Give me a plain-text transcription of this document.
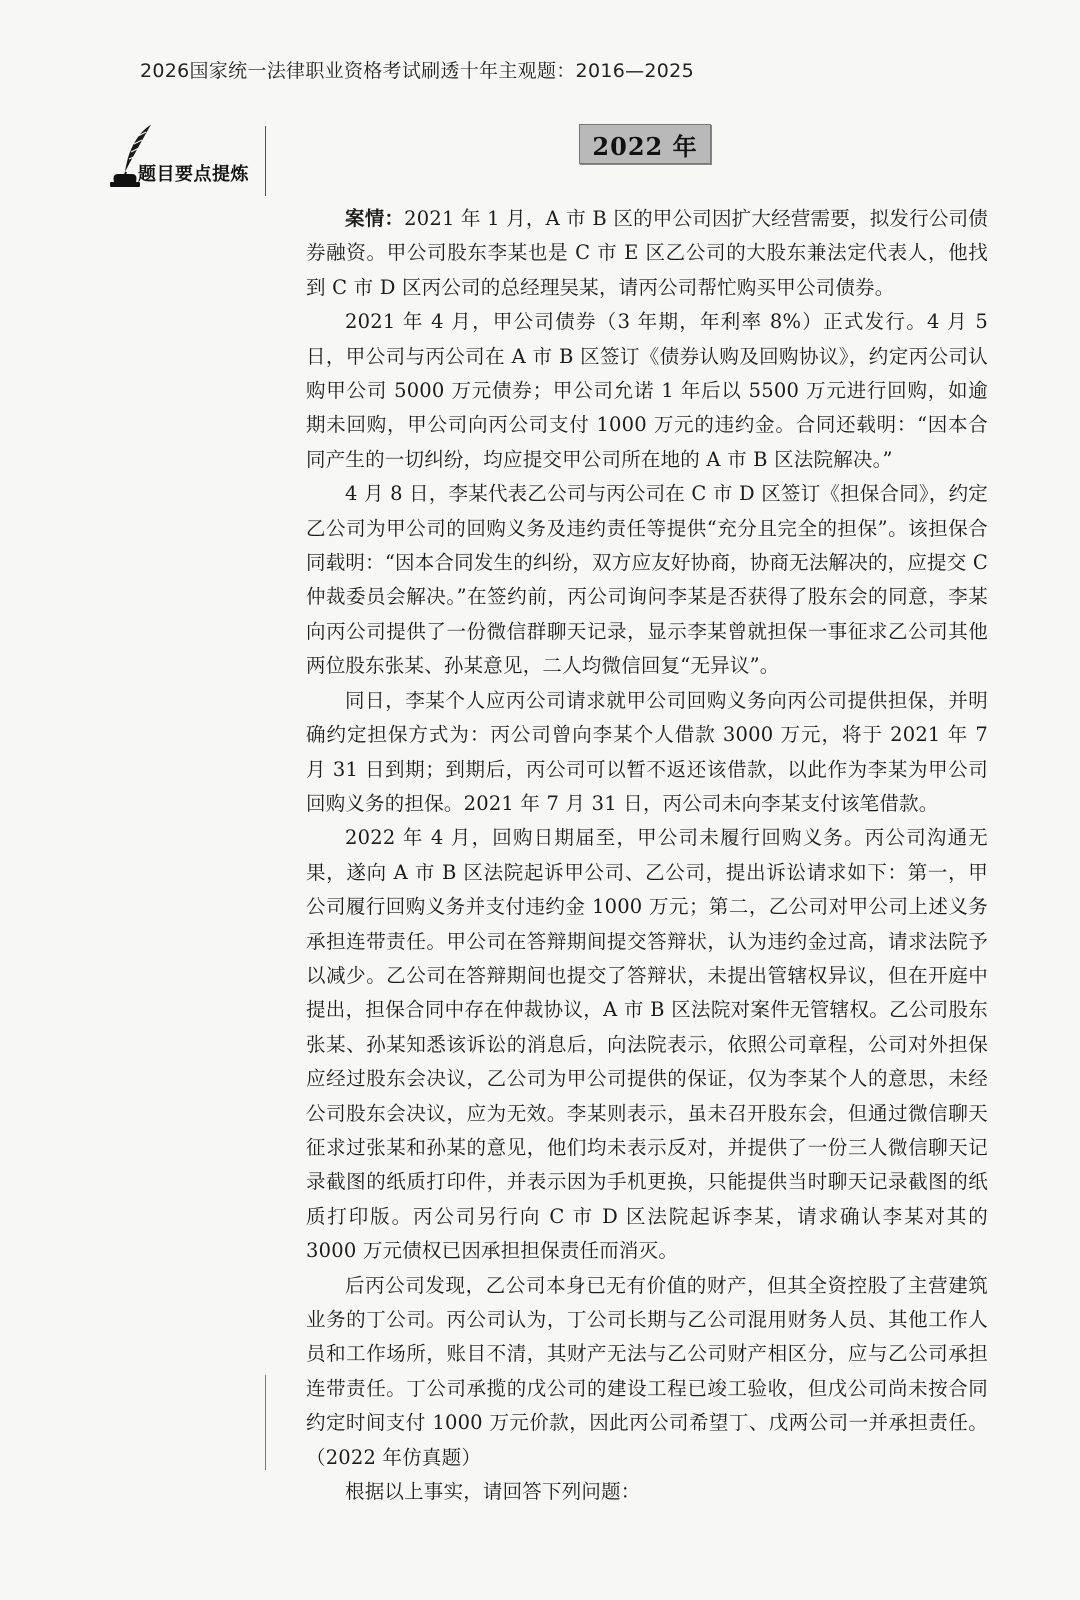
2026国家统一法律职业资格考试刷透十年主观题：2016—2025
题目要点提炼
2022 年

案情：2021 年 1 月，A 市 B 区的甲公司因扩大经营需要，拟发行公司债券融资。甲公司股东李某也是 C 市 E 区乙公司的大股东兼法定代表人，他找到 C 市 D 区丙公司的总经理吴某，请丙公司帮忙购买甲公司债券。

2021 年 4 月，甲公司债券（3 年期，年利率 8%）正式发行。4 月 5 日，甲公司与丙公司在 A 市 B 区签订《债券认购及回购协议》，约定丙公司认购甲公司 5000 万元债券；甲公司允诺 1 年后以 5500 万元进行回购，如逾期未回购，甲公司向丙公司支付 1000 万元的违约金。合同还载明：“因本合同产生的一切纠纷，均应提交甲公司所在地的 A 市 B 区法院解决。”

4 月 8 日，李某代表乙公司与丙公司在 C 市 D 区签订《担保合同》，约定乙公司为甲公司的回购义务及违约责任等提供“充分且完全的担保”。该担保合同载明：“因本合同发生的纠纷，双方应友好协商，协商无法解决的，应提交 C 仲裁委员会解决。”在签约前，丙公司询问李某是否获得了股东会的同意，李某向丙公司提供了一份微信群聊天记录，显示李某曾就担保一事征求乙公司其他两位股东张某、孙某意见，二人均微信回复“无异议”。

同日，李某个人应丙公司请求就甲公司回购义务向丙公司提供担保，并明确约定担保方式为：丙公司曾向李某个人借款 3000 万元，将于 2021 年 7 月 31 日到期；到期后，丙公司可以暂不返还该借款，以此作为李某为甲公司回购义务的担保。2021 年 7 月 31 日，丙公司未向李某支付该笔借款。

2022 年 4 月，回购日期届至，甲公司未履行回购义务。丙公司沟通无果，遂向 A 市 B 区法院起诉甲公司、乙公司，提出诉讼请求如下：第一，甲公司履行回购义务并支付违约金 1000 万元；第二，乙公司对甲公司上述义务承担连带责任。甲公司在答辩期间提交答辩状，认为违约金过高，请求法院予以减少。乙公司在答辩期间也提交了答辩状，未提出管辖权异议，但在开庭中提出，担保合同中存在仲裁协议，A 市 B 区法院对案件无管辖权。乙公司股东张某、孙某知悉该诉讼的消息后，向法院表示，依照公司章程，公司对外担保应经过股东会决议，乙公司为甲公司提供的保证，仅为李某个人的意思，未经公司股东会决议，应为无效。李某则表示，虽未召开股东会，但通过微信聊天征求过张某和孙某的意见，他们均未表示反对，并提供了一份三人微信聊天记录截图的纸质打印件，并表示因为手机更换，只能提供当时聊天记录截图的纸质打印版。丙公司另行向 C 市 D 区法院起诉李某，请求确认李某对其的 3000 万元债权已因承担担保责任而消灭。

后丙公司发现，乙公司本身已无有价值的财产，但其全资控股了主营建筑业务的丁公司。丙公司认为，丁公司长期与乙公司混用财务人员、其他工作人员和工作场所，账目不清，其财产无法与乙公司财产相区分，应与乙公司承担连带责任。丁公司承揽的戊公司的建设工程已竣工验收，但戊公司尚未按合同约定时间支付 1000 万元价款，因此丙公司希望丁、戊两公司一并承担责任。（2022 年仿真题）

根据以上事实，请回答下列问题：
